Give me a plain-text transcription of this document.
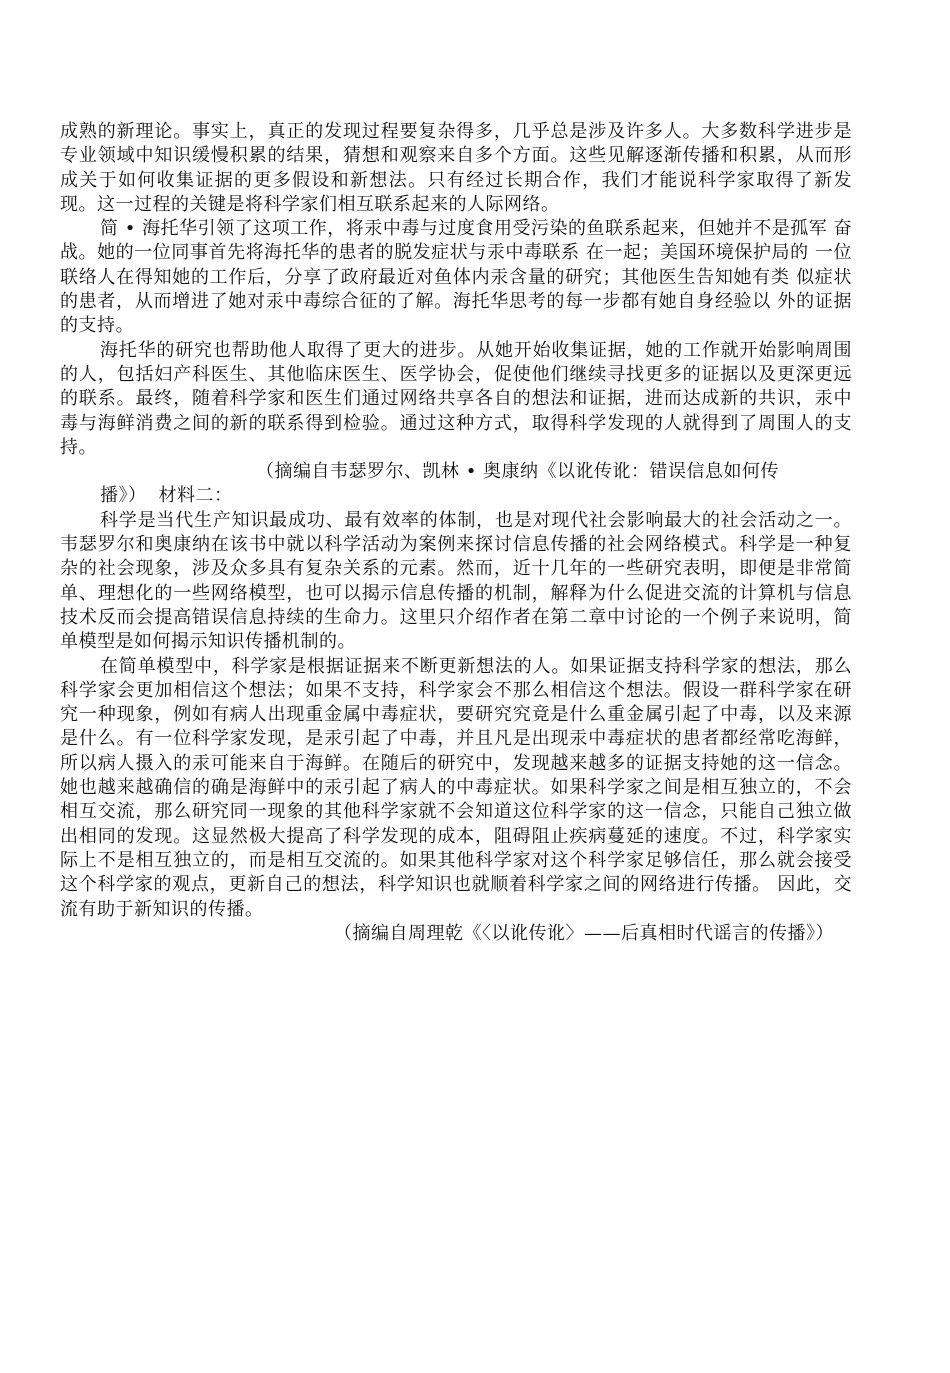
成熟的新理论。事实上，真正的发现过程要复杂得多，几乎总是涉及许多人。大多数科学进步是专业领域中知识缓慢积累的结果，猜想和观察来自多个方面。这些见解逐渐传播和积累，从而形成关于如何收集证据的更多假设和新想法。只有经过长期合作，我们才能说科学家取得了新发现。这一过程的关键是将科学家们相互联系起来的人际网络。

简 • 海托华引领了这项工作，将汞中毒与过度食用受污染的鱼联系起来，但她并不是孤军 奋战。她的一位同事首先将海托华的患者的脱发症状与汞中毒联系 在一起；美国环境保护局的 一位联络人在得知她的工作后，分享了政府最近对鱼体内汞含量的研究；其他医生告知她有类 似症状的患者，从而增进了她对汞中毒综合征的了解。海托华思考的每一步都有她自身经验以 外的证据的支持。

海托华的研究也帮助他人取得了更大的进步。从她开始收集证据，她的工作就开始影响周围的人，包括妇产科医生、其他临床医生、医学协会，促使他们继续寻找更多的证据以及更深更远的联系。最终，随着科学家和医生们通过网络共享各自的想法和证据，进而达成新的共识，汞中毒与海鲜消费之间的新的联系得到检验。通过这种方式，取得科学发现的人就得到了周围人的支持。

（摘编自韦瑟罗尔、凯林 • 奥康纳《以讹传讹：错误信息如何传

播》） 材料二：

科学是当代生产知识最成功、最有效率的体制，也是对现代社会影响最大的社会活动之一。韦瑟罗尔和奥康纳在该书中就以科学活动为案例来探讨信息传播的社会网络模式。科学是一种复杂的社会现象，涉及众多具有复杂关系的元素。然而，近十几年的一些研究表明，即便是非常简单、理想化的一些网络模型，也可以揭示信息传播的机制，解释为什么促进交流的计算机与信息技术反而会提高错误信息持续的生命力。这里只介绍作者在第二章中讨论的一个例子来说明，简单模型是如何揭示知识传播机制的。

在简单模型中，科学家是根据证据来不断更新想法的人。如果证据支持科学家的想法，那么科学家会更加相信这个想法；如果不支持，科学家会不那么相信这个想法。假设一群科学家在研究一种现象，例如有病人出现重金属中毒症状，要研究究竟是什么重金属引起了中毒，以及来源是什么。有一位科学家发现，是汞引起了中毒，并且凡是出现汞中毒症状的患者都经常吃海鲜，所以病人摄入的汞可能来自于海鲜。在随后的研究中，发现越来越多的证据支持她的这一信念。她也越来越确信的确是海鲜中的汞引起了病人的中毒症状。如果科学家之间是相互独立的，不会相互交流，那么研究同一现象的其他科学家就不会知道这位科学家的这一信念，只能自己独立做出相同的发现。这显然极大提高了科学发现的成本，阻碍阻止疾病蔓延的速度。不过，科学家实际上不是相互独立的，而是相互交流的。如果其他科学家对这个科学家足够信任，那么就会接受这个科学家的观点，更新自己的想法，科学知识也就顺着科学家之间的网络进行传播。 因此，交流有助于新知识的传播。

（摘编自周理乾《〈以讹传讹〉——后真相时代谣言的传播》）
